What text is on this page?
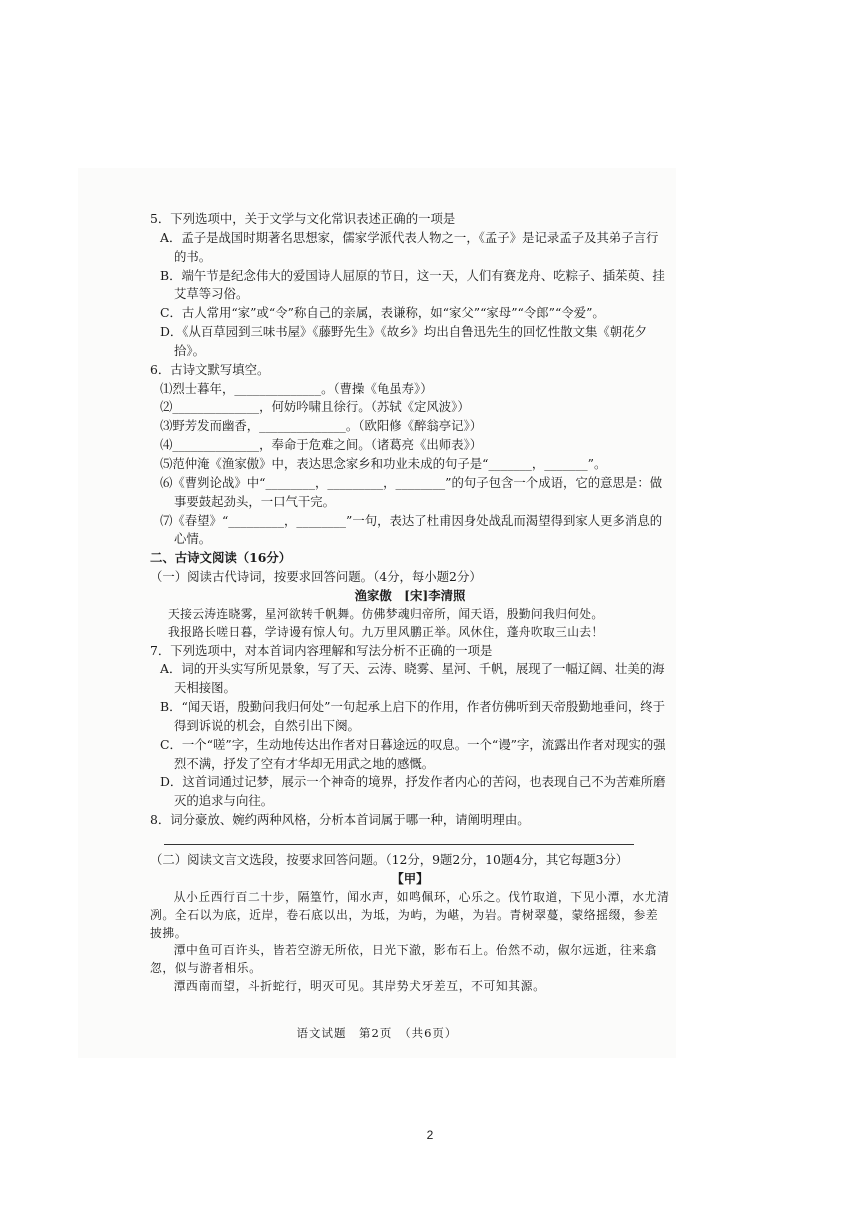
5．下列选项中，关于文学与文化常识表述正确的一项是

A．孟子是战国时期著名思想家，儒家学派代表人物之一，《孟子》是记录孟子及其弟子言行的书。

B．端午节是纪念伟大的爱国诗人屈原的节日，这一天，人们有赛龙舟、吃粽子、插茱萸、挂艾草等习俗。

C．古人常用“家”或“令”称自己的亲属，表谦称，如“家父”“家母”“令郎”“令爱”。

D．《从百草园到三味书屋》《藤野先生》《故乡》均出自鲁迅先生的回忆性散文集《朝花夕拾》。

6．古诗文默写填空。

⑴烈士暮年，______________。（曹操《龟虽寿》）

⑵______________，何妨吟啸且徐行。（苏轼《定风波》）

⑶野芳发而幽香，______________。（欧阳修《醉翁亭记》）

⑷______________，奉命于危难之间。（诸葛亮《出师表》）

⑸范仲淹《渔家傲》中，表达思念家乡和功业未成的句子是“_______，_______”。

⑹《曹刿论战》中“________，_________，________”的句子包含一个成语，它的意思是：做事要鼓起劲头，一口气干完。

⑺《春望》“_________，________”一句，表达了杜甫因身处战乱而渴望得到家人更多消息的心情。

二、古诗文阅读（16分）

（一）阅读古代诗词，按要求回答问题。（4分，每小题2分）

渔家傲　[宋]李清照

天接云涛连晓雾，星河欲转千帆舞。仿佛梦魂归帝所，闻天语，殷勤问我归何处。

我报路长嗟日暮，学诗谩有惊人句。九万里风鹏正举。风休住，蓬舟吹取三山去！

7．下列选项中，对本首词内容理解和写法分析不正确的一项是

A．词的开头实写所见景象，写了天、云涛、晓雾、星河、千帆，展现了一幅辽阔、壮美的海天相接图。

B．“闻天语，殷勤问我归何处”一句起承上启下的作用，作者仿佛听到天帝殷勤地垂问，终于得到诉说的机会，自然引出下阕。

C．一个“嗟”字，生动地传达出作者对日暮途远的叹息。一个“谩”字，流露出作者对现实的强烈不满，抒发了空有才华却无用武之地的感慨。

D．这首词通过记梦，展示一个神奇的境界，抒发作者内心的苦闷，也表现自己不为苦难所磨灭的追求与向往。

8．词分豪放、婉约两种风格，分析本首词属于哪一种，请阐明理由。

（二）阅读文言文选段，按要求回答问题。（12分，9题2分，10题4分，其它每题3分）

【甲】

从小丘西行百二十步，隔篁竹，闻水声，如鸣佩环，心乐之。伐竹取道，下见小潭，水尤清冽。全石以为底，近岸，卷石底以出，为坻，为屿，为嵁，为岩。青树翠蔓，蒙络摇缀，参差披拂。

潭中鱼可百许头，皆若空游无所依，日光下澈，影布石上。佁然不动，俶尔远逝，往来翕忽，似与游者相乐。

潭西南而望，斗折蛇行，明灭可见。其岸势犬牙差互，不可知其源。

语文试题　第2页　（共6页）
2
